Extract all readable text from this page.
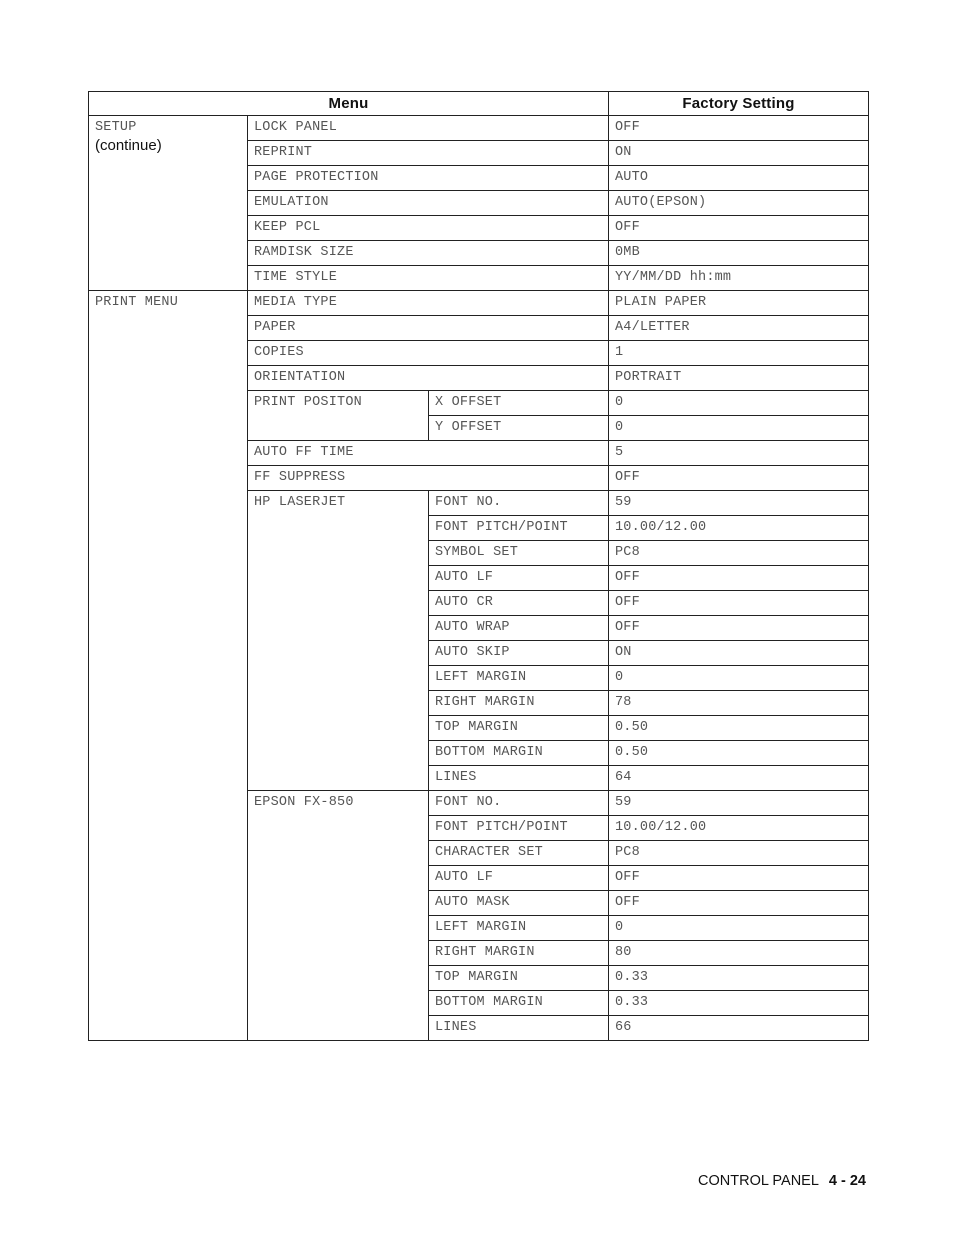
Menu			Factory Setting

SETUP
(continue)	LOCK PANEL		OFF
	REPRINT		ON
	PAGE PROTECTION		AUTO
	EMULATION		AUTO(EPSON)
	KEEP PCL		OFF
	RAMDISK SIZE		0MB
	TIME STYLE		YY/MM/DD hh:mm
PRINT MENU	MEDIA TYPE		PLAIN PAPER
	PAPER		A4/LETTER
	COPIES		1
	ORIENTATION		PORTRAIT
	PRINT POSITON	X OFFSET	0
		Y OFFSET	0
	AUTO FF TIME		5
	FF SUPPRESS		OFF
	HP LASERJET	FONT NO.	59
		FONT PITCH/POINT	10.00/12.00
		SYMBOL SET	PC8
		AUTO LF	OFF
		AUTO CR	OFF
		AUTO WRAP	OFF
		AUTO SKIP	ON
		LEFT MARGIN	0
		RIGHT MARGIN	78
		TOP MARGIN	0.50
		BOTTOM MARGIN	0.50
		LINES	64
	EPSON FX-850	FONT NO.	59
		FONT PITCH/POINT	10.00/12.00
		CHARACTER SET	PC8
		AUTO LF	OFF
		AUTO MASK	OFF
		LEFT MARGIN	0
		RIGHT MARGIN	80
		TOP MARGIN	0.33
		BOTTOM MARGIN	0.33
		LINES	66
CONTROL PANEL 4 - 24
